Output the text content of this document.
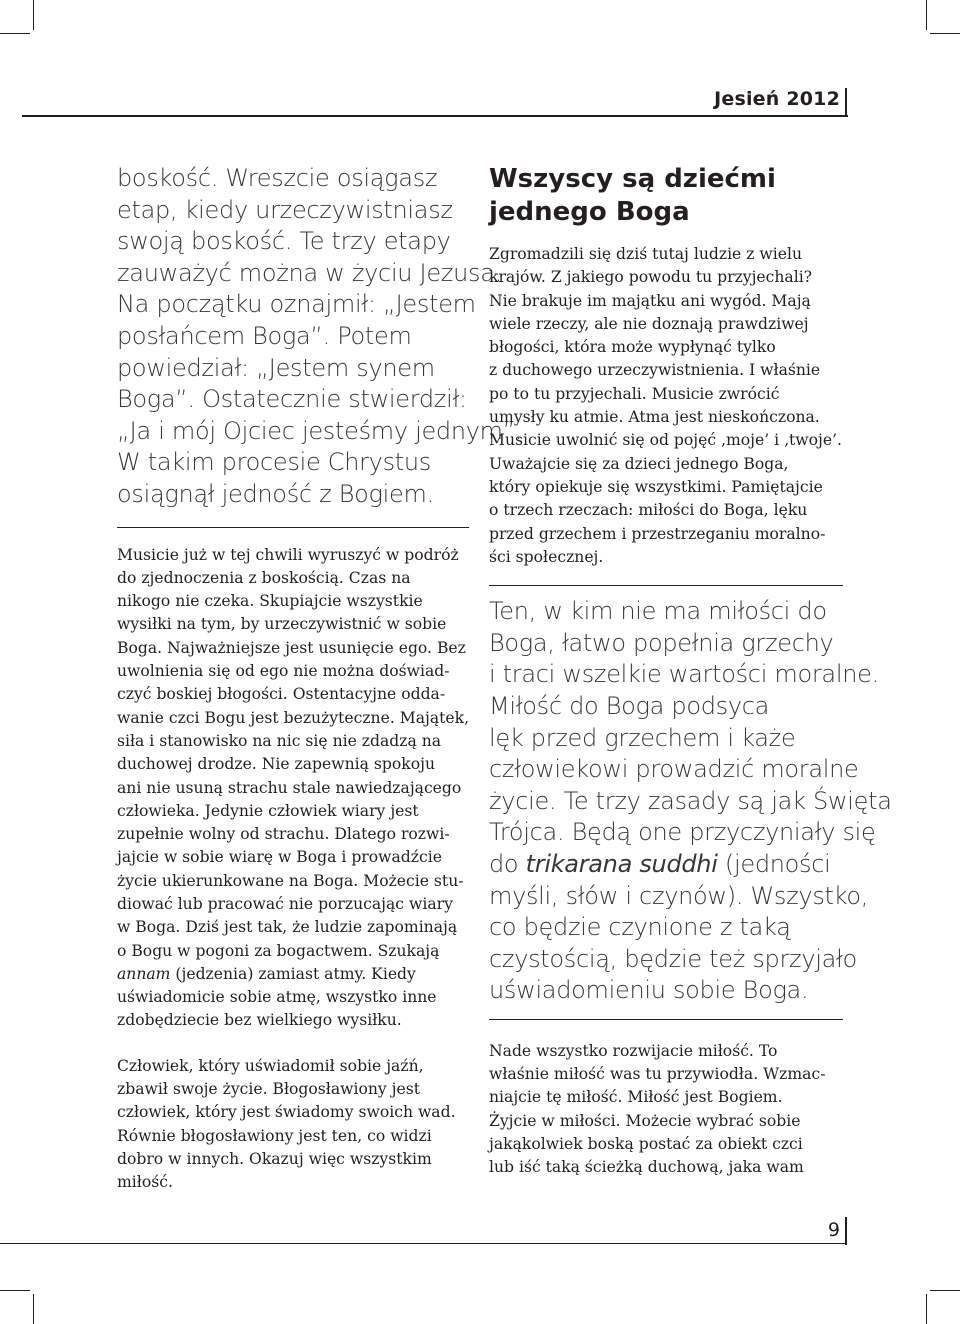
Jesień 2012
boskość. Wreszcie osiągasz
etap, kiedy urzeczywistniasz
swoją boskość. Te trzy etapy
zauważyć można w życiu Jezusa.
Na początku oznajmił: „Jestem
posłańcem Boga”. Potem
powiedział: „Jestem synem
Boga”. Ostatecznie stwierdził:
„Ja i mój Ojciec jesteśmy jednym”.
W takim procesie Chrystus
osiągnął jedność z Bogiem.
Musicie już w tej chwili wyruszyć w podróż
do zjednoczenia z boskością. Czas na
nikogo nie czeka. Skupiajcie wszystkie
wysiłki na tym, by urzeczywistnić w sobie
Boga. Najważniejsze jest usunięcie ego. Bez
uwolnienia się od ego nie można doświad-
czyć boskiej błogości. Ostentacyjne odda-
wanie czci Bogu jest bezużyteczne. Majątek,
siła i stanowisko na nic się nie zdadzą na
duchowej drodze. Nie zapewnią spokoju
ani nie usuną strachu stale nawiedzającego
człowieka. Jedynie człowiek wiary jest
zupełnie wolny od strachu. Dlatego rozwi-
jajcie w sobie wiarę w Boga i prowadźcie
życie ukierunkowane na Boga. Możecie stu-
diować lub pracować nie porzucając wiary
w Boga. Dziś jest tak, że ludzie zapominają
o Bogu w pogoni za bogactwem. Szukają
annam (jedzenia) zamiast atmy. Kiedy
uświadomicie sobie atmę, wszystko inne
zdobędziecie bez wielkiego wysiłku.
Człowiek, który uświadomił sobie jaźń,
zbawił swoje życie. Błogosławiony jest
człowiek, który jest świadomy swoich wad.
Równie błogosławiony jest ten, co widzi
dobro w innych. Okazuj więc wszystkim
miłość.
Wszyscy są dziećmi
jednego Boga
Zgromadzili się dziś tutaj ludzie z wielu
krajów. Z jakiego powodu tu przyjechali?
Nie brakuje im majątku ani wygód. Mają
wiele rzeczy, ale nie doznają prawdziwej
błogości, która może wypłynąć tylko
z duchowego urzeczywistnienia. I właśnie
po to tu przyjechali. Musicie zwrócić
umysły ku atmie. Atma jest nieskończona.
Musicie uwolnić się od pojęć ‚moje’ i ‚twoje’.
Uważajcie się za dzieci jednego Boga,
który opiekuje się wszystkimi. Pamiętajcie
o trzech rzeczach: miłości do Boga, lęku
przed grzechem i przestrzeganiu moralno-
ści społecznej.
Ten, w kim nie ma miłości do
Boga, łatwo popełnia grzechy
i traci wszelkie wartości moralne.
Miłość do Boga podsyca
lęk przed grzechem i każe
człowiekowi prowadzić moralne
życie. Te trzy zasady są jak Święta
Trójca. Będą one przyczyniały się
do trikarana suddhi (jedności
myśli, słów i czynów). Wszystko,
co będzie czynione z taką
czystością, będzie też sprzyjało
uświadomieniu sobie Boga.
Nade wszystko rozwijacie miłość. To
właśnie miłość was tu przywiodła. Wzmac-
niajcie tę miłość. Miłość jest Bogiem.
Żyjcie w miłości. Możecie wybrać sobie
jakąkolwiek boską postać za obiekt czci
lub iść taką ścieżką duchową, jaka wam
9
